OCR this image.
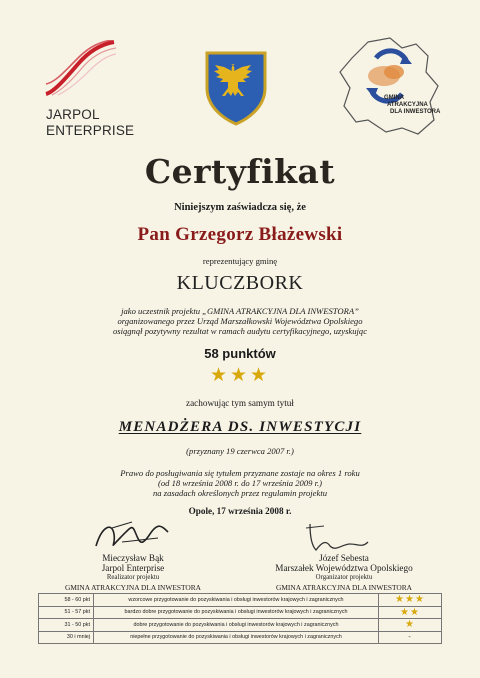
JARPOL
ENTERPRISE
GMINA
ATRAKCYJNA
DLA INWESTORA
Certyfikat
Niniejszym zaświadcza się, że
Pan Grzegorz Błażewski
reprezentujący gminę
KLUCZBORK
jako uczestnik projektu „GMINA ATRAKCYJNA DLA INWESTORA”
organizowanego przez Urząd Marszałkowski Województwa Opolskiego
osiągnął pozytywny rezultat w ramach audytu certyfikacyjnego, uzyskując
58 punktów
★★★
zachowując tym samym tytuł
MENADŻERA DS. INWESTYCJI
(przyznany 19 czerwca 2007 r.)
Prawo do posługiwania się tytułem przyznane zostaje na okres 1 roku
(od 18 września 2008 r. do 17 września 2009 r.)
na zasadach określonych przez regulamin projektu
Opole, 17 września 2008 r.
Mieczysław Bąk
Jarpol Enterprise
Realizator projektu
GMINA ATRAKCYJNA DLA INWESTORA
Józef Sebesta
Marszałek Województwa Opolskiego
Organizator projektu
GMINA ATRAKCYJNA DLA INWESTORA
58 - 60 pkt	wzorcowe przygotowanie do pozyskiwania i obsługi inwestorów krajowych i zagranicznych	★★★
51 - 57 pkt	bardzo dobre przygotowanie do pozyskiwania i obsługi inwestorów krajowych i zagranicznych	★★
31 - 50 pkt	dobre przygotowanie do pozyskiwania i obsługi inwestorów krajowych i zagranicznych	★
30 i mniej	niepełne przygotowanie do pozyskiwania i obsługi inwestorów krajowych i zagranicznych	-
